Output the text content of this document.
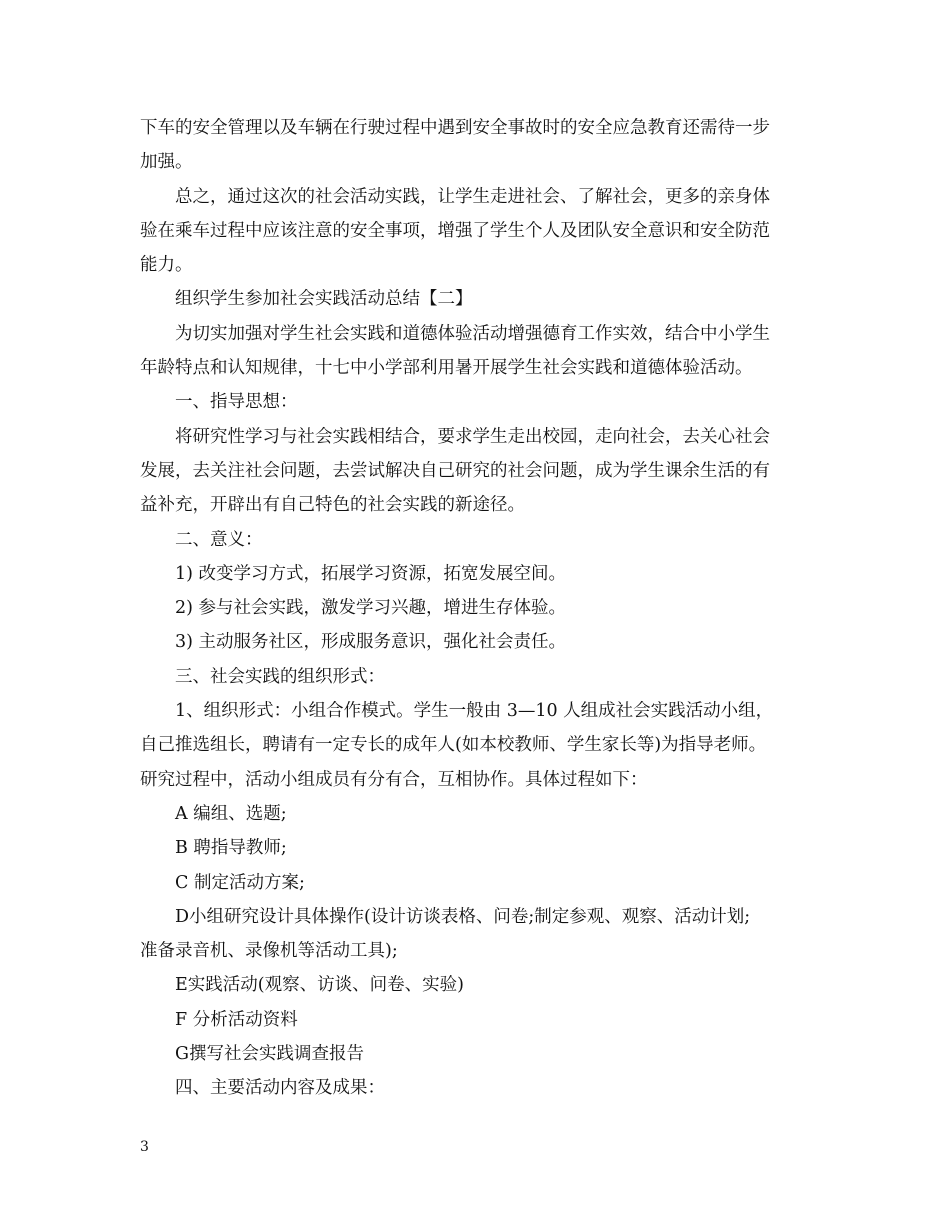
下车的安全管理以及车辆在行驶过程中遇到安全事故时的安全应急教育还需待一步
加强。
总之，通过这次的社会活动实践，让学生走进社会、了解社会，更多的亲身体
验在乘车过程中应该注意的安全事项，增强了学生个人及团队安全意识和安全防范
能力。
组织学生参加社会实践活动总结【二】
为切实加强对学生社会实践和道德体验活动增强德育工作实效，结合中小学生
年龄特点和认知规律，十七中小学部利用暑开展学生社会实践和道德体验活动。
一、指导思想：
将研究性学习与社会实践相结合，要求学生走出校园，走向社会，去关心社会
发展，去关注社会问题，去尝试解决自己研究的社会问题，成为学生课余生活的有
益补充，开辟出有自己特色的社会实践的新途径。
二、意义：
1) 改变学习方式，拓展学习资源，拓宽发展空间。
2) 参与社会实践，激发学习兴趣，增进生存体验。
3) 主动服务社区，形成服务意识，强化社会责任。
三、社会实践的组织形式：
1、组织形式：小组合作模式。学生一般由 3—10 人组成社会实践活动小组，
自己推选组长，聘请有一定专长的成年人(如本校教师、学生家长等)为指导老师。
研究过程中，活动小组成员有分有合，互相协作。具体过程如下：
A 编组、选题;
B 聘指导教师;
C 制定活动方案;
D小组研究设计具体操作(设计访谈表格、问卷;制定参观、观察、活动计划;
准备录音机、录像机等活动工具);
E实践活动(观察、访谈、问卷、实验)
F 分析活动资料
G撰写社会实践调查报告
四、主要活动内容及成果：
3
